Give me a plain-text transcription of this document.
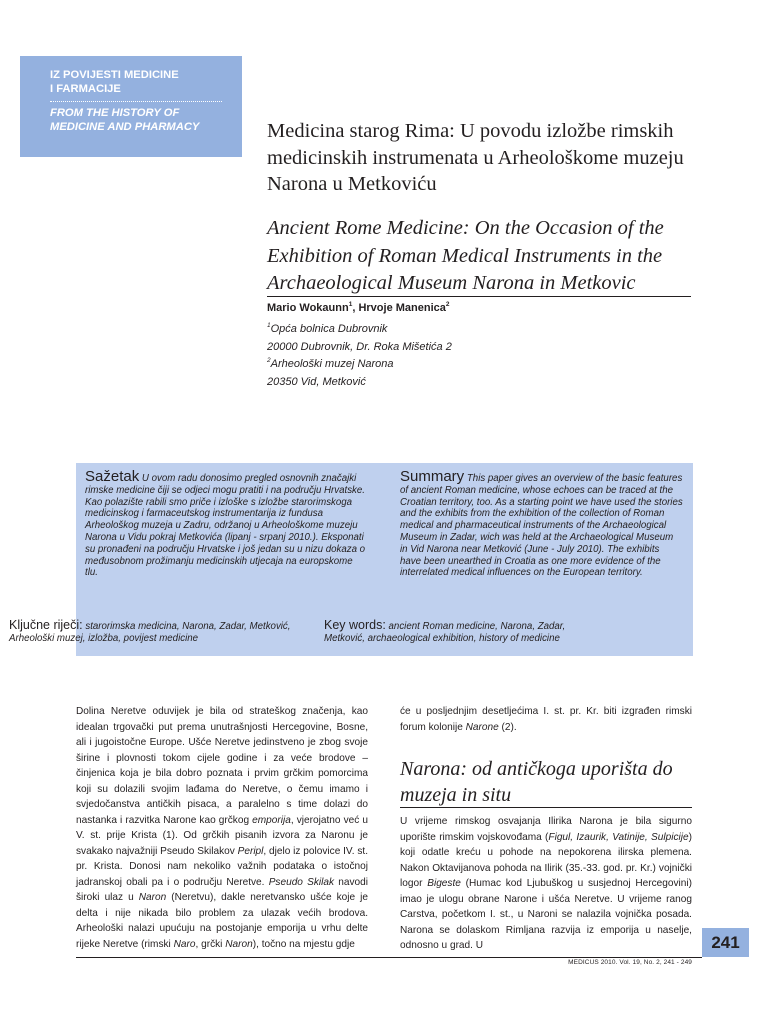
IZ POVIJESTI MEDICINE
I FARMACIJE
FROM THE HISTORY OF
MEDICINE AND PHARMACY	Medicina starog Rima: U povodu izložbe rimskih medicinskih instrumenata u Arheološkome muzeju Narona u Metkoviću
Ancient Rome Medicine: On the Occasion of the Exhibition of Roman Medical Instruments in the Archaeological Museum Narona in Metkovic
Mario Wokaunn$^1$, Hrvoje Manenica$^2$
$^1$Opća bolnica Dubrovnik
20000 Dubrovnik, Dr. Roka Mišetića 2
$^2$Arheološki muzej Narona
20350 Vid, Metković
Sažetak U ovom radu donosimo pregled osnovnih značajki rimske medicine čiji se odjeci mogu pratiti i na području Hrvatske. Kao polazište rabili smo priče i izloške s izložbe starorimskoga medicinskog i farmaceutskog instrumentarija iz fundusa Arheološkog muzeja u Zadru, održanoj u Arheološkome muzeju Narona u Vidu pokraj Metkovića (lipanj - srpanj 2010.). Eksponati su pronađeni na području Hrvatske i još jedan su u nizu dokaza o međusobnom prožimanju medicinskih utjecaja na europskome tlu.
Summary This paper gives an overview of the basic features of ancient Roman medicine, whose echoes can be traced at the Croatian territory, too. As a starting point we have used the stories and the exhibits from the exhibition of the collection of Roman medical and pharmaceutical instruments of the Archaeological Museum in Zadar, wich was held at the Archaeological Museum in Vid Narona near Metković (June - July 2010). The exhibits have been unearthed in Croatia as one more evidence of the interrelated medical influences on the European territory.
Ključne riječi: starorimska medicina, Narona, Zadar, Metković, Arheološki muzej, izložba, povijest medicine
Key words: ancient Roman medicine, Narona, Zadar, Metković, archaeological exhibition, history of medicine
Dolina Neretve oduvijek je bila od strateškog značenja, kao idealan trgovački put prema unutrašnjosti Hercegovine, Bosne, ali i jugoistočne Europe. Ušće Neretve jedinstveno je zbog svoje širine i plovnosti tokom cijele godine i za veće brodove – činjenica koja je bila dobro poznata i prvim grčkim pomorcima koji su dolazili svojim lađama do Neretve, o čemu imamo i svjedočanstva antičkih pisaca, a paralelno s time dolazi do nastanka i razvitka Narone kao grčkog emporija, vjerojatno već u V. st. prije Krista (1). Od grčkih pisanih izvora za Naronu je svakako najvažniji Pseudo Skilakov Peripl, djelo iz polovice IV. st. pr. Krista. Donosi nam nekoliko važnih podataka o istočnoj jadranskoj obali pa i o području Neretve. Pseudo Skilak navodi široki ulaz u Naron (Neretvu), dakle neretvansko ušće koje je delta i nije nikada bilo problem za ulazak većih brodova. Arheološki nalazi upućuju na postojanje emporija u vrhu delte rijeke Neretve (rimski Naro, grčki Naron), točno na mjestu gdje
će u posljednjim desetljećima I. st. pr. Kr. biti izgrađen rimski forum kolonije Narone (2).
Narona: od antičkoga uporišta do muzeja in situ
U vrijeme rimskog osvajanja Ilirika Narona je bila sigurno uporište rimskim vojskovođama (Figul, Izaurik, Vatinije, Sulpicije) koji odatle kreću u pohode na nepokorena ilirska plemena. Nakon Oktavijanova pohoda na Ilirik (35.-33. god. pr. Kr.) vojnički logor Bigeste (Humac kod Ljubuškog u susjednoj Hercegovini) imao je ulogu obrane Narone i ušća Neretve. U vrijeme ranog Carstva, početkom I. st., u Naroni se nalazila vojnička posada. Narona se dolaskom Rimljana razvija iz emporija u naselje, odnosno u grad. U	241
MEDICUS 2010. Vol. 19, No. 2, 241 - 249
